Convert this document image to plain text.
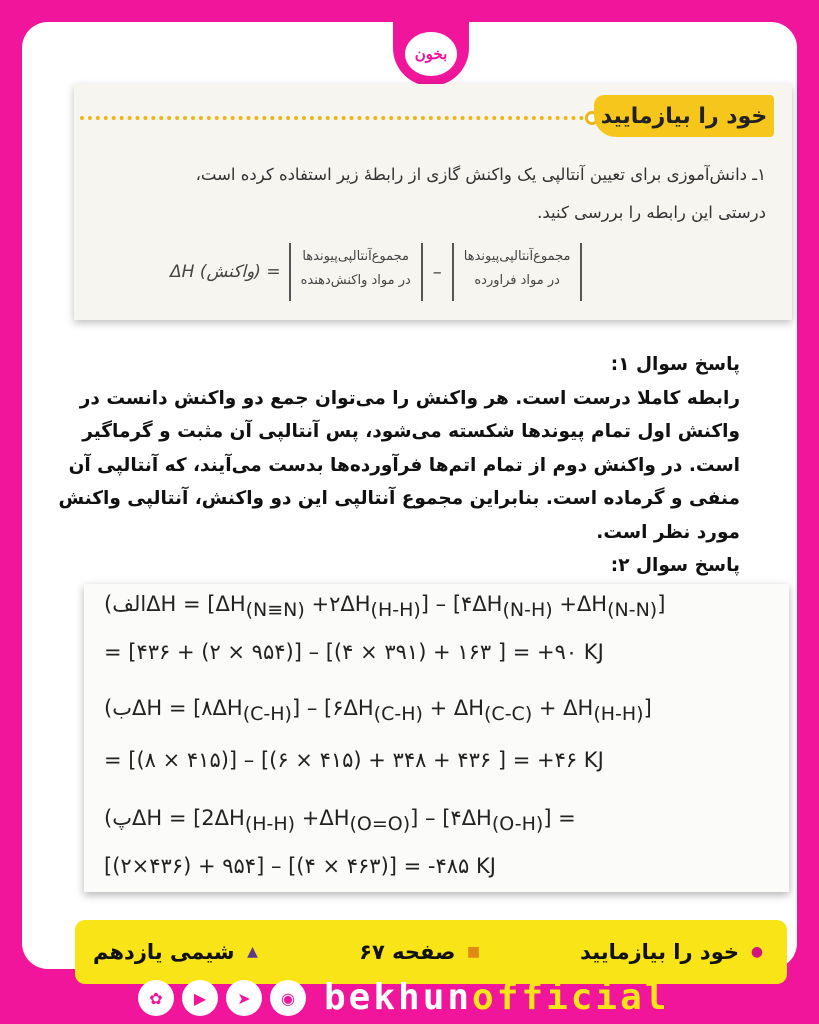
بخون
خود را بیازمایید
۱ـ دانش‌آموزی برای تعیین آنتالپی یک واکنش گازی از رابطهٔ زیر استفاده کرده است،
درستی این رابطه را بررسی کنید.
ΔH (واکنش) =
مجموع‌آنتالپی‌پیوندها
در مواد واکنش‌دهنده –
مجموع‌آنتالپی‌پیوندها
در مواد فراورده
پاسخ سوال ۱:
رابطه کاملا درست است. هر واکنش را می‌توان جمع دو واکنش دانست در
واکنش اول تمام پیوندها شکسته می‌شود، پس آنتالپی آن مثبت و گرماگیر
است. در واکنش دوم از تمام اتم‌ها فرآورده‌ها بدست می‌آیند، که آنتالپی آن
منفی و گرماده است. بنابراین مجموع آنتالپی این دو واکنش، آنتالپی واکنش
مورد نظر است.
پاسخ سوال ۲:
(الفΔH = [$\Delta H_{(N\equiv N)}$ $+۲\Delta H_{(H-H)}$] – $[۴\Delta H_{(N-H)} +\Delta H_{(N-N)}]$
= [۴۳۶ + (۲ × ۹۵۴)] – [(۴ × ۳۹۱) + ۱۶۳ ] = +۹۰ KJ
(بΔH = $[۸\Delta H_{(C-H)}]$ – $[۶\Delta H_{(C-H)} + \Delta H_{(C-C)} + \Delta H_{(H-H)}]$
= [(۸ × ۴۱۵)] – [(۶ × ۴۱۵) + ۳۴۸ + ۴۳۶ ] = +۴۶ KJ
(پΔH = $[2\Delta H_{(H-H)} +\Delta H_{(O=O)}]$ – $[۴\Delta H_{(O-H)}]$ =
[(۲×۴۳۶) + ۹۵۴] – [(۴ × ۴۶۳)] = -۴۸۵ KJ
●
خود را بیازمایید
■
صفحه ۶۷
▲
شیمی یازدهم
✿	▶	➤	◉ bekhunofficial
